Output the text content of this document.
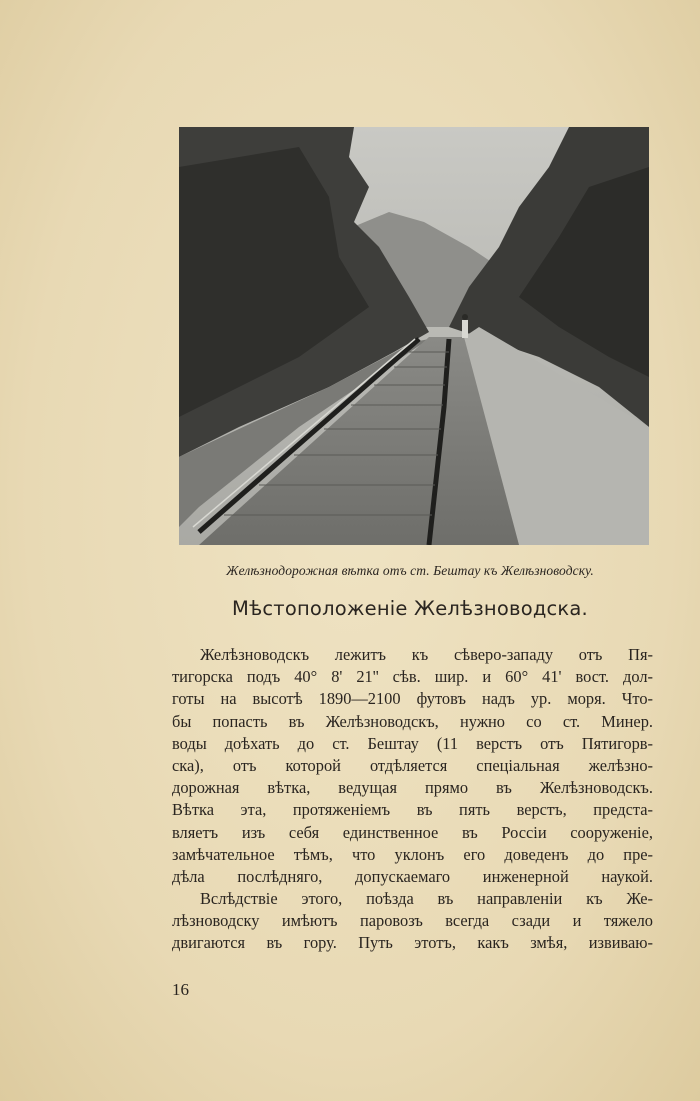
Желѣзнодорожная вѣтка отъ ст. Бештау къ Желѣзноводску.
Мѣстоположеніе Желѣзноводска.
Желѣзноводскъ лежитъ къ сѣверо-западу отъ Пя-
тигорска подъ 40° 8' 21'' сѣв. шир. и 60° 41' вост. дол-
готы на высотѣ 1890—2100 футовъ надъ ур. моря. Что-
бы попасть въ Желѣзноводскъ, нужно со ст. Минер.
воды доѣхать до ст. Бештау (11 верстъ отъ Пятигорв-
ска), отъ которой отдѣляется спеціальная желѣзно-
дорожная вѣтка, ведущая прямо въ Желѣзноводскъ.
Вѣтка эта, протяженіемъ въ пять верстъ, предста-
вляетъ изъ себя единственное въ Россіи сооруженіе,
замѣчательное тѣмъ, что уклонъ его доведенъ до пре-
дѣла послѣдняго, допускаемаго инженерной наукой.
Вслѣдствіе этого, поѣзда въ направленіи къ Же-
лѣзноводску имѣютъ паровозъ всегда сзади и тяжело
двигаются въ гору. Путь этотъ, какъ змѣя, извиваю-
16
